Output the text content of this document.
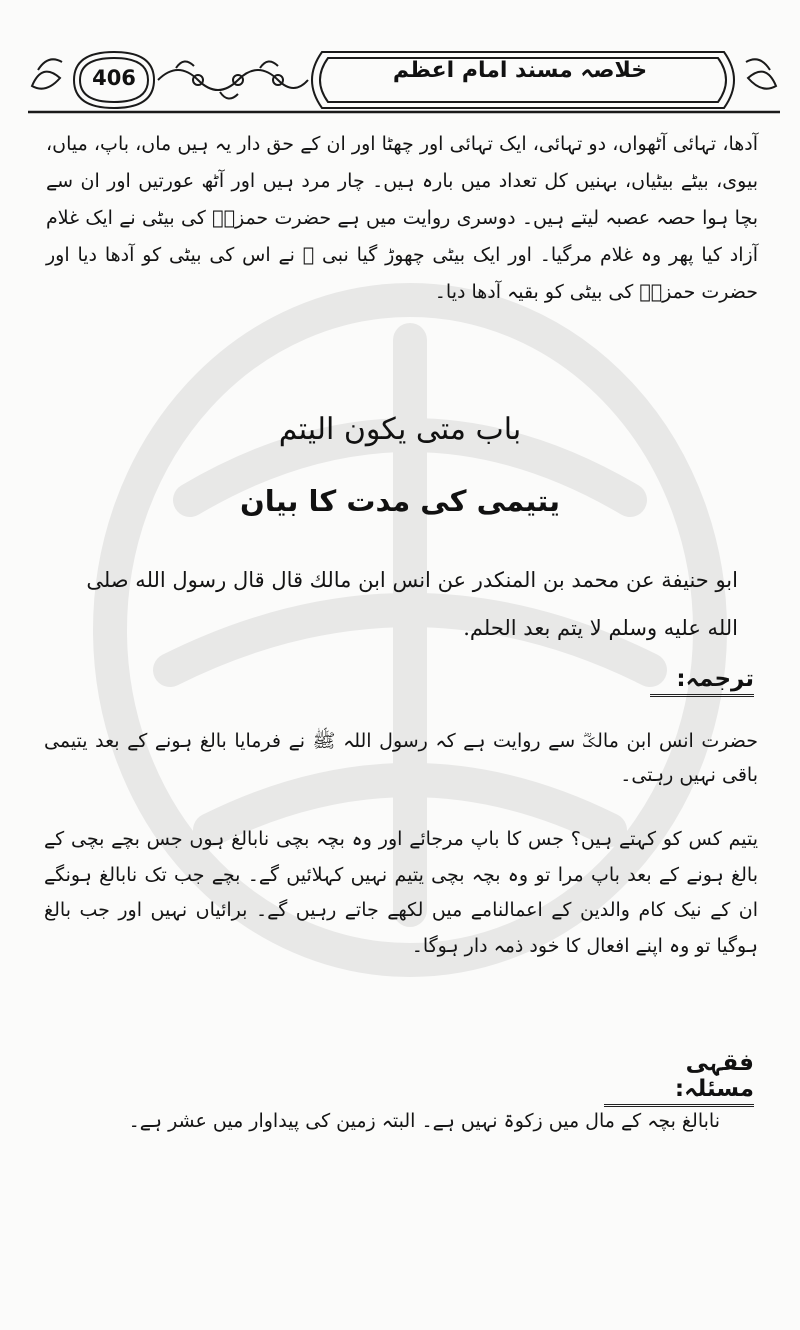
406	خلاصہ مسند امام اعظم

آدھا، تہائی آٹھواں، دو تہائی، ایک تہائی اور چھٹا اور ان کے حق دار یہ ہیں ماں، باپ، میاں، بیوی، بیٹے بیٹیاں، بہنیں کل تعداد میں بارہ ہیں۔ چار مرد ہیں اور آٹھ عورتیں اور ان سے بچا ہوا حصہ عصبہ لیتے ہیں۔ دوسری روایت میں ہے حضرت حمزہؓ کی بیٹی نے ایک غلام آزاد کیا پھر وہ غلام مرگیا۔ اور ایک بیٹی چھوڑ گیا نبی ﷺ نے اس کی بیٹی کو آدھا دیا اور حضرت حمزہؓ کی بیٹی کو بقیہ آدھا دیا۔

باب متى يكون اليتم
یتیمی کی مدت کا بیان

ابو حنيفة عن محمد بن المنكدر عن انس ابن مالك قال قال رسول الله صلى الله عليه وسلم لا يتم بعد الحلم.

ترجمہ:

حضرت انس ابن مالکؓ سے روایت ہے کہ رسول اللہ ﷺ نے فرمایا بالغ ہونے کے بعد یتیمی باقی نہیں رہتی۔

یتیم کس کو کہتے ہیں؟ جس کا باپ مرجائے اور وہ بچہ بچی نابالغ ہوں جس بچے بچی کے بالغ ہونے کے بعد باپ مرا تو وہ بچہ بچی یتیم نہیں کہلائیں گے۔ بچے جب تک نابالغ ہونگے ان کے نیک کام والدین کے اعمالنامے میں لکھے جاتے رہیں گے۔ برائیاں نہیں اور جب بالغ ہوگیا تو وہ اپنے افعال کا خود ذمہ دار ہوگا۔

فقہی مسئلہ:

نابالغ بچہ کے مال میں زکوۃ نہیں ہے۔ البتہ زمین کی پیداوار میں عشر ہے۔
